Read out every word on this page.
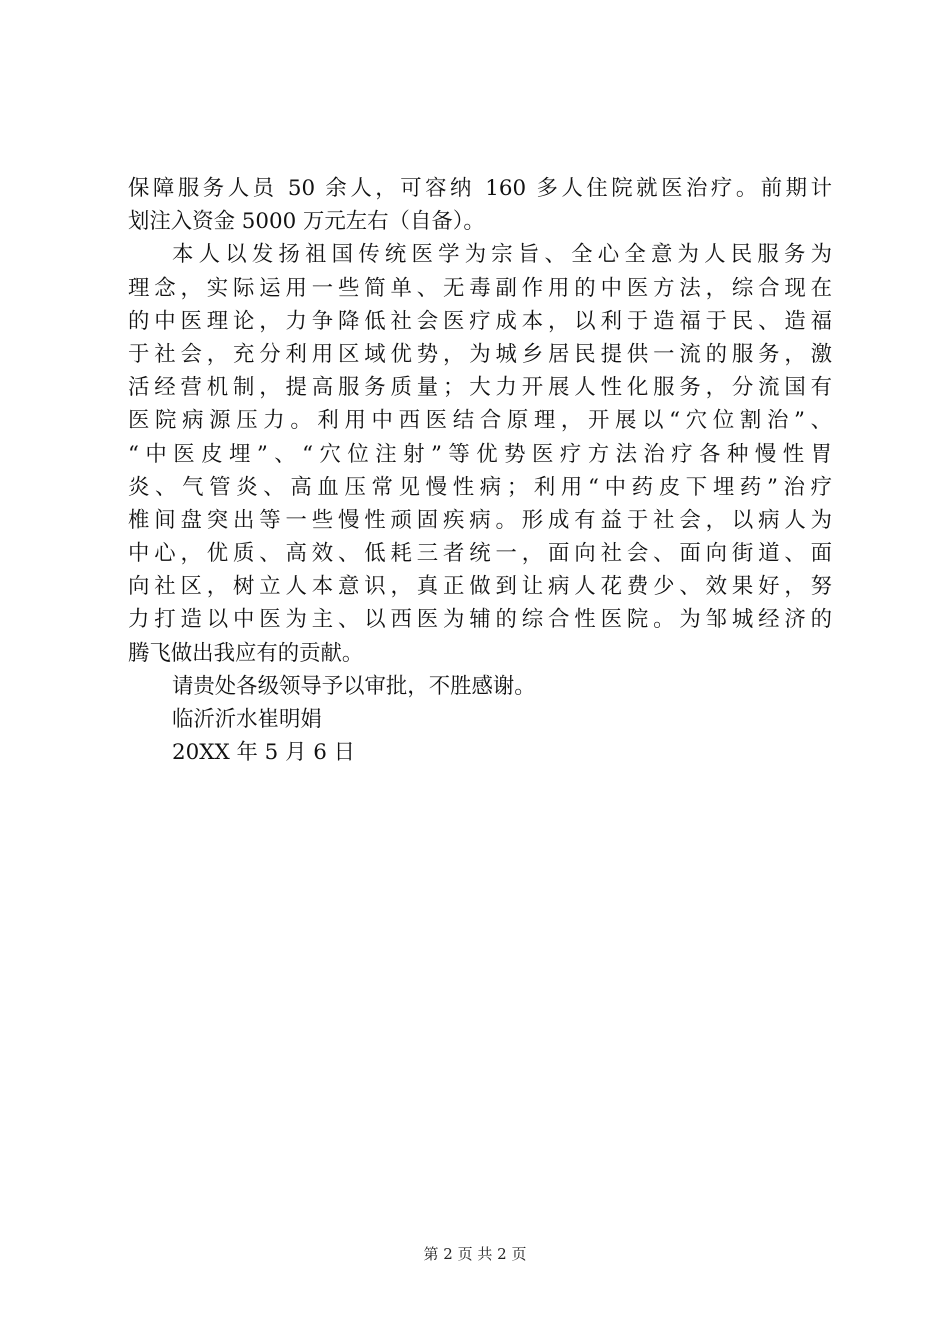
保障服务人员 50 余人，可容纳 160 多人住院就医治疗。前期计
划注入资金 5000 万元左右（自备）。
本人以发扬祖国传统医学为宗旨、全心全意为人民服务为
理念，实际运用一些简单、无毒副作用的中医方法，综合现在
的中医理论，力争降低社会医疗成本，以利于造福于民、造福
于社会，充分利用区域优势，为城乡居民提供一流的服务，激
活经营机制，提高服务质量；大力开展人性化服务，分流国有
医院病源压力。利用中西医结合原理，开展以“穴位割治”、
“中医皮埋”、“穴位注射”等优势医疗方法治疗各种慢性胃
炎、气管炎、高血压常见慢性病；利用“中药皮下埋药”治疗
椎间盘突出等一些慢性顽固疾病。形成有益于社会，以病人为
中心，优质、高效、低耗三者统一，面向社会、面向街道、面
向社区，树立人本意识，真正做到让病人花费少、效果好，努
力打造以中医为主、以西医为辅的综合性医院。为邹城经济的
腾飞做出我应有的贡献。
请贵处各级领导予以审批，不胜感谢。
临沂沂水崔明娟
20XX 年 5 月 6 日
第 2 页 共 2 页
